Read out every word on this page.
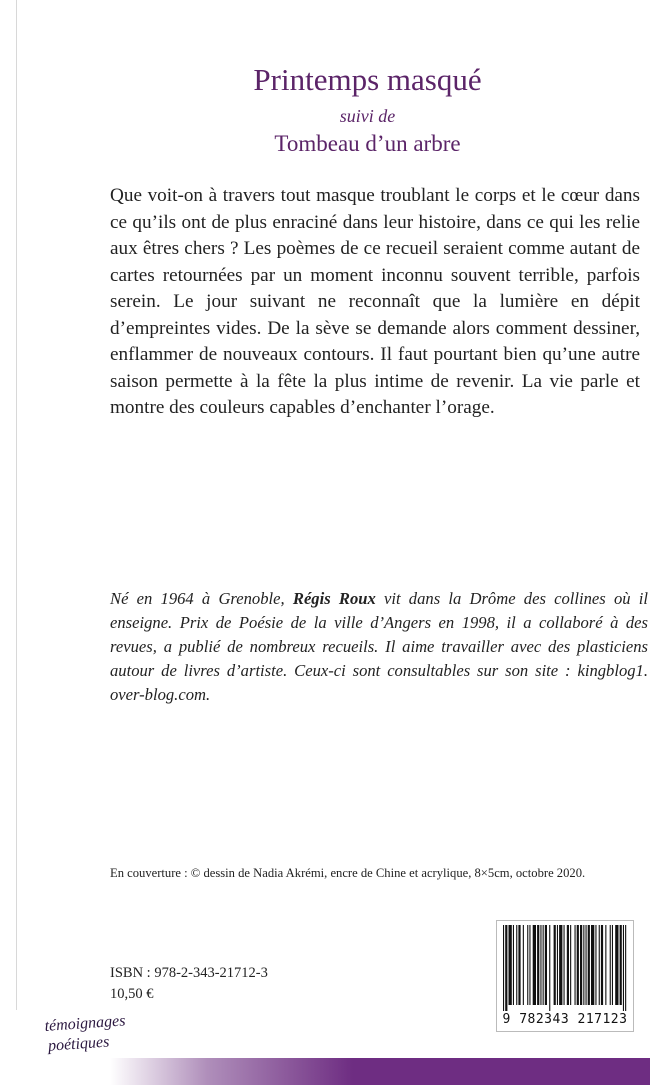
Printemps masqué
suivi de
Tombeau d’un arbre

Que voit-on à travers tout masque troublant le corps et le cœur dans ce qu’ils ont de plus enraciné dans leur histoire, dans ce qui les relie aux êtres chers ? Les poèmes de ce recueil seraient comme autant de cartes retournées par un moment inconnu souvent terrible, parfois serein. Le jour suivant ne reconnaît que la lumière en dépit d’empreintes vides. De la sève se demande alors comment dessiner, enflammer de nouveaux contours. Il faut pourtant bien qu’une autre saison permette à la fête la plus intime de revenir. La vie parle et montre des couleurs capables d’enchanter l’orage.

Né en 1964 à Grenoble, Régis Roux vit dans la Drôme des collines où il enseigne. Prix de Poésie de la ville d’Angers en 1998, il a collaboré à des revues, a publié de nombreux recueils. Il aime travailler avec des plasticiens autour de livres d’artiste. Ceux-ci sont consultables sur son site : kingblog1. over-blog.com.

En couverture : © dessin de Nadia Akrémi, encre de Chine et acrylique, 8×5cm, octobre 2020.
ISBN : 978-2-343-21712-3
10,50 €
9 782343 217123
témoignages
poétiques
